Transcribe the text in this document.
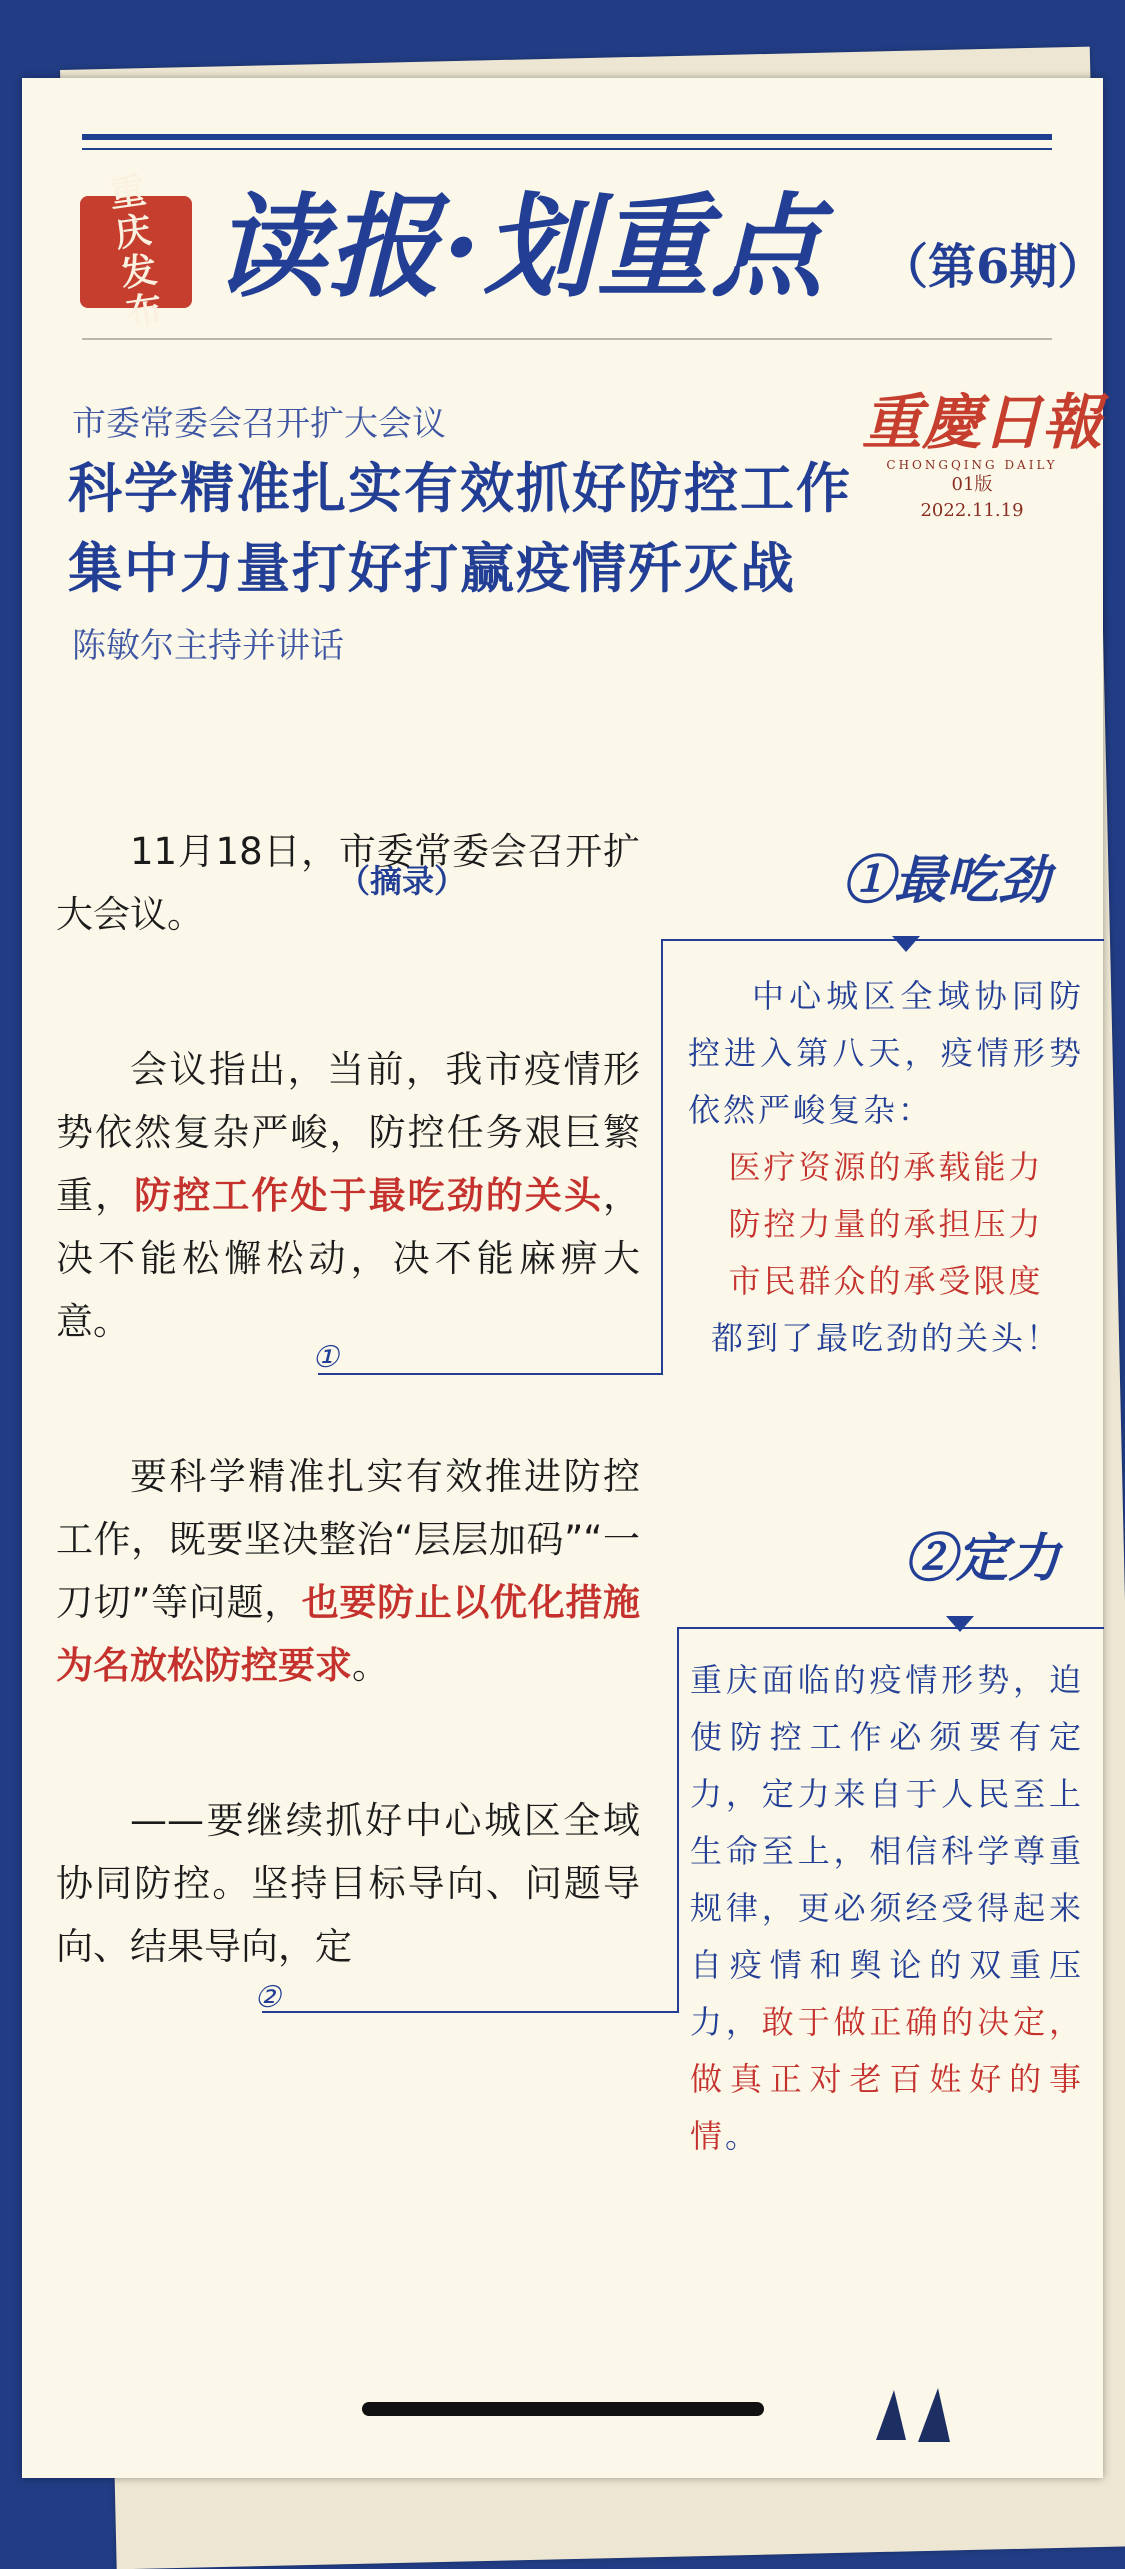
重庆发布 读报·划重点 （第6期）
市委常委会召开扩大会议
科学精准扎实有效抓好防控工作
集中力量打好打赢疫情歼灭战
陈敏尔主持并讲话
重慶日報
CHONGQING DAILY
01版
2022.11.19
（摘录）

11月18日，市委常委会召开扩大会议。

会议指出，当前，我市疫情形势依然复杂严峻，防控任务艰巨繁重，防控工作处于最吃劲的关头，决不能松懈松动，决不能麻痹大意。

要科学精准扎实有效推进防控工作，既要坚决整治“层层加码”“一刀切”等问题，也要防止以优化措施为名放松防控要求。

——要继续抓好中心城区全域协同防控。坚持目标导向、问题导向、结果导向，定

①
②
①最吃劲

中心城区全域协同防控进入第八天，疫情形势依然严峻复杂：

医疗资源的承载能力

防控力量的承担压力

市民群众的承受限度

都到了最吃劲的关头！

②定力

重庆面临的疫情形势，迫使防控工作必须要有定力，定力来自于人民至上生命至上，相信科学尊重规律，更必须经受得起来自疫情和舆论的双重压力，敢于做正确的决定，做真正对老百姓好的事情。
